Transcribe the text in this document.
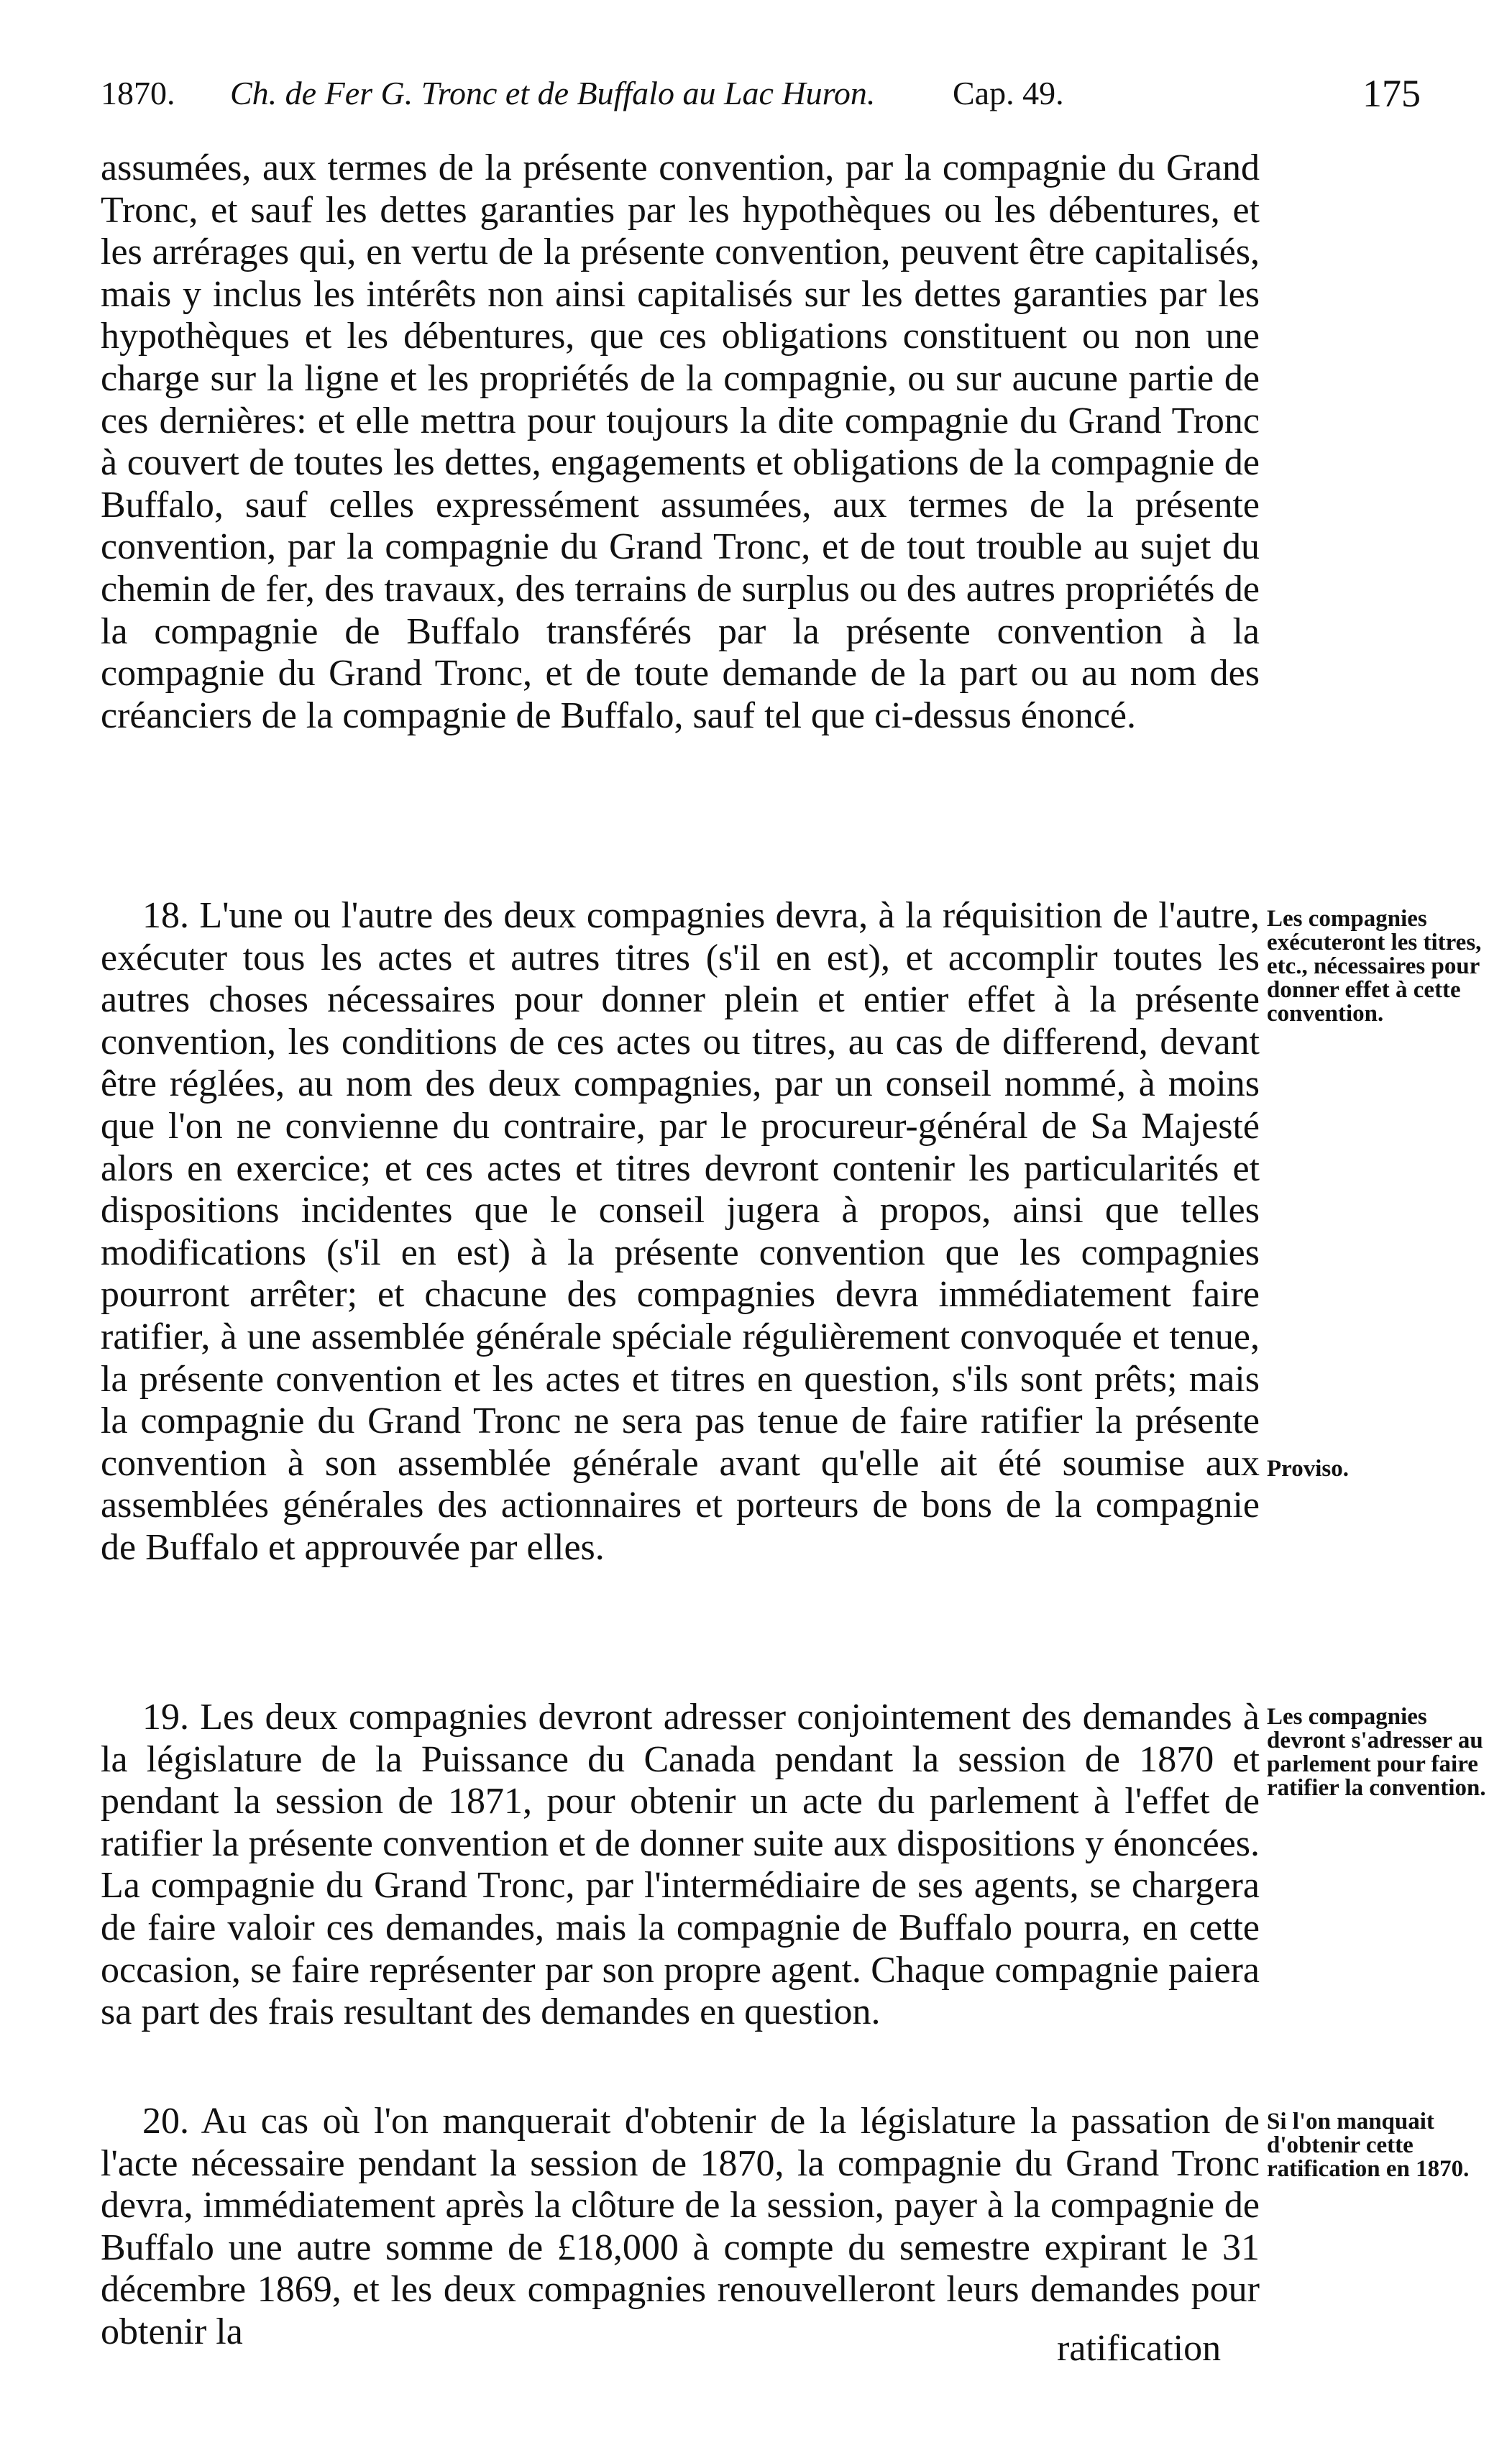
1870. Ch. de Fer G. Tronc et de Buffalo au Lac Huron. Cap. 49.	175

assumées, aux termes de la présente convention, par la compagnie du Grand Tronc, et sauf les dettes garanties par les hypothèques ou les débentures, et les arrérages qui, en vertu de la présente convention, peuvent être capitalisés, mais y inclus les intérêts non ainsi capitalisés sur les dettes garanties par les hypothèques et les débentures, que ces obligations constituent ou non une charge sur la ligne et les propriétés de la compagnie, ou sur aucune partie de ces dernières: et elle mettra pour toujours la dite compagnie du Grand Tronc à couvert de toutes les dettes, engagements et obligations de la compagnie de Buffalo, sauf celles expressément assumées, aux termes de la présente convention, par la compagnie du Grand Tronc, et de tout trouble au sujet du chemin de fer, des travaux, des terrains de surplus ou des autres propriétés de la compagnie de Buffalo transférés par la présente convention à la compagnie du Grand Tronc, et de toute demande de la part ou au nom des créanciers de la compagnie de Buffalo, sauf tel que ci-dessus énoncé.

18. L'une ou l'autre des deux compagnies devra, à la réquisition de l'autre, exécuter tous les actes et autres titres (s'il en est), et accomplir toutes les autres choses nécessaires pour donner plein et entier effet à la présente convention, les conditions de ces actes ou titres, au cas de differend, devant être réglées, au nom des deux compagnies, par un conseil nommé, à moins que l'on ne convienne du contraire, par le procureur-général de Sa Majesté alors en exercice; et ces actes et titres devront contenir les particularités et dispositions incidentes que le conseil jugera à propos, ainsi que telles modifications (s'il en est) à la présente convention que les compagnies pourront arrêter; et chacune des compagnies devra immédiatement faire ratifier, à une assemblée générale spéciale régulièrement convoquée et tenue, la présente convention et les actes et titres en question, s'ils sont prêts; mais la compagnie du Grand Tronc ne sera pas tenue de faire ratifier la présente convention à son assemblée générale avant qu'elle ait été soumise aux assemblées générales des actionnaires et porteurs de bons de la compagnie de Buffalo et approuvée par elles.

19. Les deux compagnies devront adresser conjointement des demandes à la législature de la Puissance du Canada pendant la session de 1870 et pendant la session de 1871, pour obtenir un acte du parlement à l'effet de ratifier la présente convention et de donner suite aux dispositions y énoncées. La compagnie du Grand Tronc, par l'intermédiaire de ses agents, se chargera de faire valoir ces demandes, mais la compagnie de Buffalo pourra, en cette occasion, se faire représenter par son propre agent. Chaque compagnie paiera sa part des frais resultant des demandes en question.

20. Au cas où l'on manquerait d'obtenir de la législature la passation de l'acte nécessaire pendant la session de 1870, la compagnie du Grand Tronc devra, immédiatement après la clôture de la session, payer à la compagnie de Buffalo une autre somme de £18,000 à compte du semestre expirant le 31 décembre 1869, et les deux compagnies renouvelleront leurs demandes pour obtenir la	ratification
Les compagnies exécuteront les titres, etc., nécessaires pour donner effet à cette convention.
Proviso.
Les compagnies devront s'adresser au parlement pour faire ratifier la convention.
Si l'on manquait d'obtenir cette ratification en 1870.
